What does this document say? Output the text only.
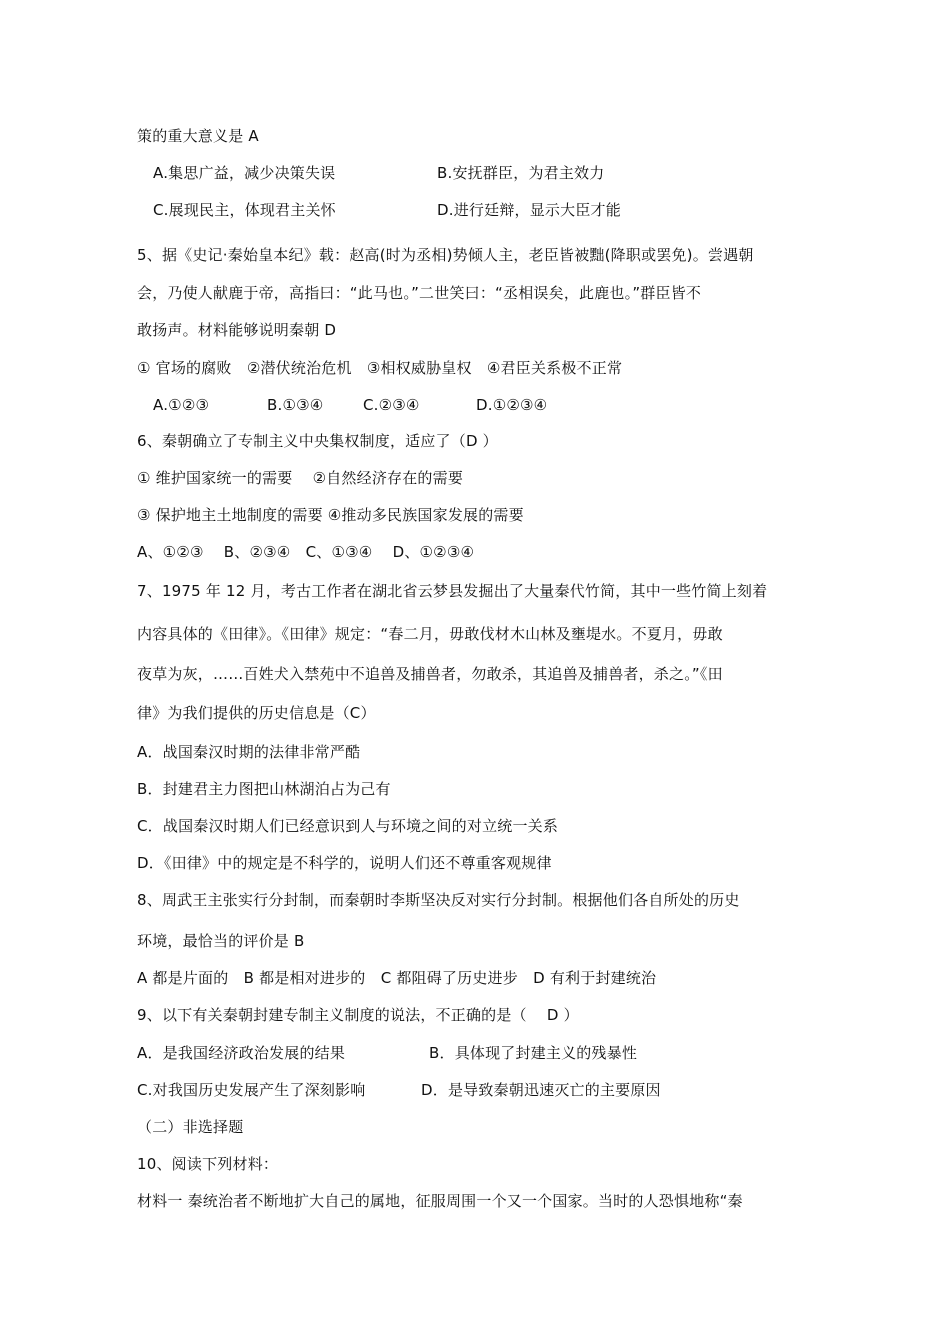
策的重大意义是 A
A.集思广益，减少决策失误	B.安抚群臣，为君主效力
C.展现民主，体现君主关怀	D.进行廷辩，显示大臣才能
5、据《史记·秦始皇本纪》载：赵高(时为丞相)势倾人主，老臣皆被黜(降职或罢免)。尝遇朝
会，乃使人献鹿于帝，高指曰：“此马也。”二世笑曰：“丞相误矣，此鹿也。”群臣皆不
敢扬声。材料能够说明秦朝 D
① 官场的腐败　②潜伏统治危机　③相权威胁皇权　④君臣关系极不正常
A.①②③	B.①③④	C.②③④	D.①②③④
6、秦朝确立了专制主义中央集权制度，适应了（D ）
① 维护国家统一的需要　 ②自然经济存在的需要
③ 保护地主土地制度的需要 ④推动多民族国家发展的需要
A、①②③　 B、②③④　C、①③④　 D、①②③④
7、1975 年 12 月，考古工作者在湖北省云梦县发掘出了大量秦代竹简，其中一些竹简上刻着
内容具体的《田律》。《田律》规定：“春二月，毋敢伐材木山林及壅堤水。不夏月，毋敢
夜草为灰，……百姓犬入禁苑中不追兽及捕兽者，勿敢杀，其追兽及捕兽者，杀之。”《田
律》为我们提供的历史信息是（C）
A．战国秦汉时期的法律非常严酷
B．封建君主力图把山林湖泊占为己有
C．战国秦汉时期人们已经意识到人与环境之间的对立统一关系
D．《田律》中的规定是不科学的，说明人们还不尊重客观规律
8、周武王主张实行分封制，而秦朝时李斯坚决反对实行分封制。根据他们各自所处的历史
环境，最恰当的评价是 B
A 都是片面的　B 都是相对进步的　C 都阻碍了历史进步　D 有利于封建统治
9、以下有关秦朝封建专制主义制度的说法，不正确的是（　 D ）
A．是我国经济政治发展的结果	B．具体现了封建主义的残暴性
C.对我国历史发展产生了深刻影响	D．是导致秦朝迅速灭亡的主要原因
（二）非选择题
10、阅读下列材料：
材料一 秦统治者不断地扩大自己的属地，征服周围一个又一个国家。当时的人恐惧地称“秦
